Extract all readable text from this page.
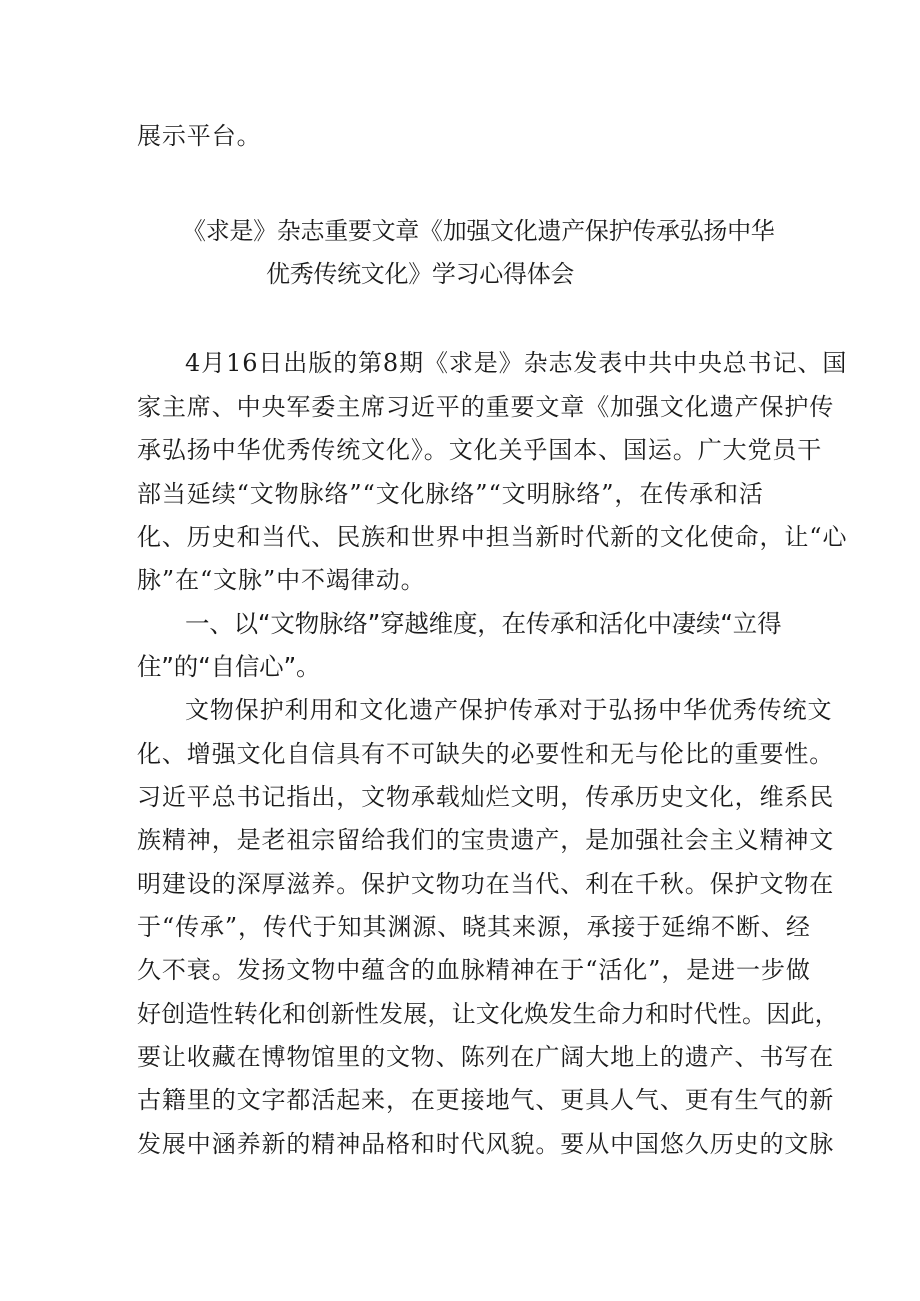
展示平台。
《求是》杂志重要文章《加强文化遗产保护传承弘扬中华
优秀传统文化》学习心得体会
4月16日出版的第8期《求是》杂志发表中共中央总书记、国
家主席、中央军委主席习近平的重要文章《加强文化遗产保护传
承弘扬中华优秀传统文化》。文化关乎国本、国运。广大党员干
部当延续“文物脉络”“文化脉络”“文明脉络”，在传承和活
化、历史和当代、民族和世界中担当新时代新的文化使命，让“心
脉”在“文脉”中不竭律动。
一、以“文物脉络”穿越维度，在传承和活化中凄续“立得
住”的“自信心”。
文物保护利用和文化遗产保护传承对于弘扬中华优秀传统文
化、增强文化自信具有不可缺失的必要性和无与伦比的重要性。
习近平总书记指出，文物承载灿烂文明，传承历史文化，维系民
族精神，是老祖宗留给我们的宝贵遗产，是加强社会主义精神文
明建设的深厚滋养。保护文物功在当代、利在千秋。保护文物在
于“传承”，传代于知其渊源、晓其来源，承接于延绵不断、经
久不衰。发扬文物中蕴含的血脉精神在于“活化”，是进一步做
好创造性转化和创新性发展，让文化焕发生命力和时代性。因此，
要让收藏在博物馆里的文物、陈列在广阔大地上的遗产、书写在
古籍里的文字都活起来，在更接地气、更具人气、更有生气的新
发展中涵养新的精神品格和时代风貌。要从中国悠久历史的文脉
